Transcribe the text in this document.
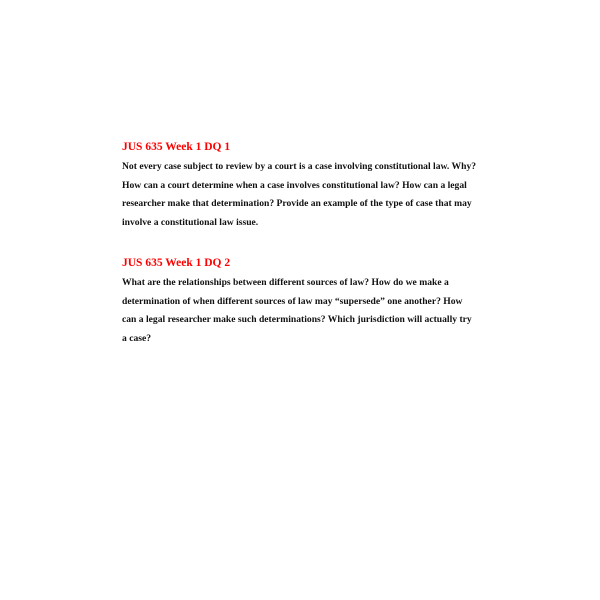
JUS 635 Week 1 DQ 1

Not every case subject to review by a court is a case involving constitutional law. Why? How can a court determine when a case involves constitutional law? How can a legal researcher make that determination? Provide an example of the type of case that may involve a constitutional law issue.

JUS 635 Week 1 DQ 2

What are the relationships between different sources of law? How do we make a determination of when different sources of law may “supersede” one another? How can a legal researcher make such determinations? Which jurisdiction will actually try a case?
